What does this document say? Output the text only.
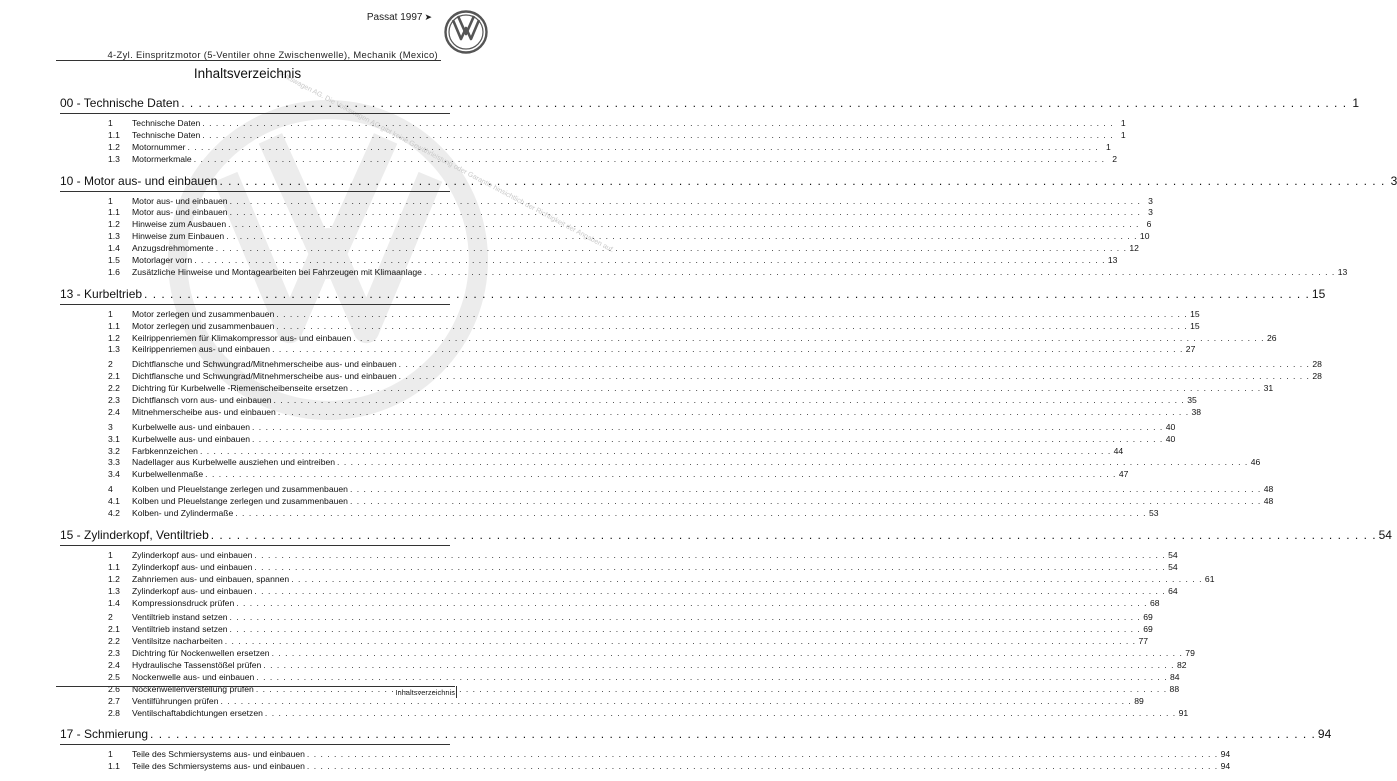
Passat 1997 ➤
4-Zyl. Einspritzmotor (5-Ventiler ohne Zwischenwelle), Mechanik (Mexico)
Volkswagen AG. Die Volkswagen AG gibt keine Gewährleistung oder Garantie hinsichtlich der Richtigkeit der Angaben auf.
Inhaltsverzeichnis
00 - Technische Daten . . .	1
1	Technische Daten . . .	1
1.1	Technische Daten . . .	1
1.2	Motornummer . . .	1
1.3	Motormerkmale . . .	2
10 - Motor aus- und einbauen . . .	3
1	Motor aus- und einbauen . . .	3
1.1	Motor aus- und einbauen . . .	3
1.2	Hinweise zum Ausbauen . . .	6
1.3	Hinweise zum Einbauen . . .	10
1.4	Anzugsdrehmomente . . .	12
1.5	Motorlager vorn . . .	13
1.6	Zusätzliche Hinweise und Montagearbeiten bei Fahrzeugen mit Klimaanlage . . .	13
13 - Kurbeltrieb . . .	15
1	Motor zerlegen und zusammenbauen . . .	15
1.1	Motor zerlegen und zusammenbauen . . .	15
1.2	Keilrippenriemen für Klimakompressor aus- und einbauen . . .	26
1.3	Keilrippenriemen aus- und einbauen . . .	27
2	Dichtflansche und Schwungrad/Mitnehmerscheibe aus- und einbauen . . .	28
2.1	Dichtflansche und Schwungrad/Mitnehmerscheibe aus- und einbauen . . .	28
2.2	Dichtring für Kurbelwelle -Riemenscheibenseite ersetzen . . .	31
2.3	Dichtflansch vorn aus- und einbauen . . .	35
2.4	Mitnehmerscheibe aus- und einbauen . . .	38
3	Kurbelwelle aus- und einbauen . . .	40
3.1	Kurbelwelle aus- und einbauen . . .	40
3.2	Farbkennzeichen . . .	44
3.3	Nadellager aus Kurbelwelle ausziehen und eintreiben . . .	46
3.4	Kurbelwellenmaße . . .	47
4	Kolben und Pleuelstange zerlegen und zusammenbauen . . .	48
4.1	Kolben und Pleuelstange zerlegen und zusammenbauen . . .	48
4.2	Kolben- und Zylindermaße . . .	53
15 - Zylinderkopf, Ventiltrieb . . .	54
1	Zylinderkopf aus- und einbauen . . .	54
1.1	Zylinderkopf aus- und einbauen . . .	54
1.2	Zahnriemen aus- und einbauen, spannen . . .	61
1.3	Zylinderkopf aus- und einbauen . . .	64
1.4	Kompressionsdruck prüfen . . .	68
2	Ventiltrieb instand setzen . . .	69
2.1	Ventiltrieb instand setzen . . .	69
2.2	Ventilsitze nacharbeiten . . .	77
2.3	Dichtring für Nockenwellen ersetzen . . .	79
2.4	Hydraulische Tassenstößel prüfen . . .	82
2.5	Nockenwelle aus- und einbauen . . .	84
2.6	Nockenwellenverstellung prüfen . . .	88
2.7	Ventilführungen prüfen . . .	89
2.8	Ventilschaftabdichtungen ersetzen . . .	91
17 - Schmierung . . .	94
1	Teile des Schmiersystems aus- und einbauen . . .	94
1.1	Teile des Schmiersystems aus- und einbauen . . .	94
Inhaltsverzeichnis
